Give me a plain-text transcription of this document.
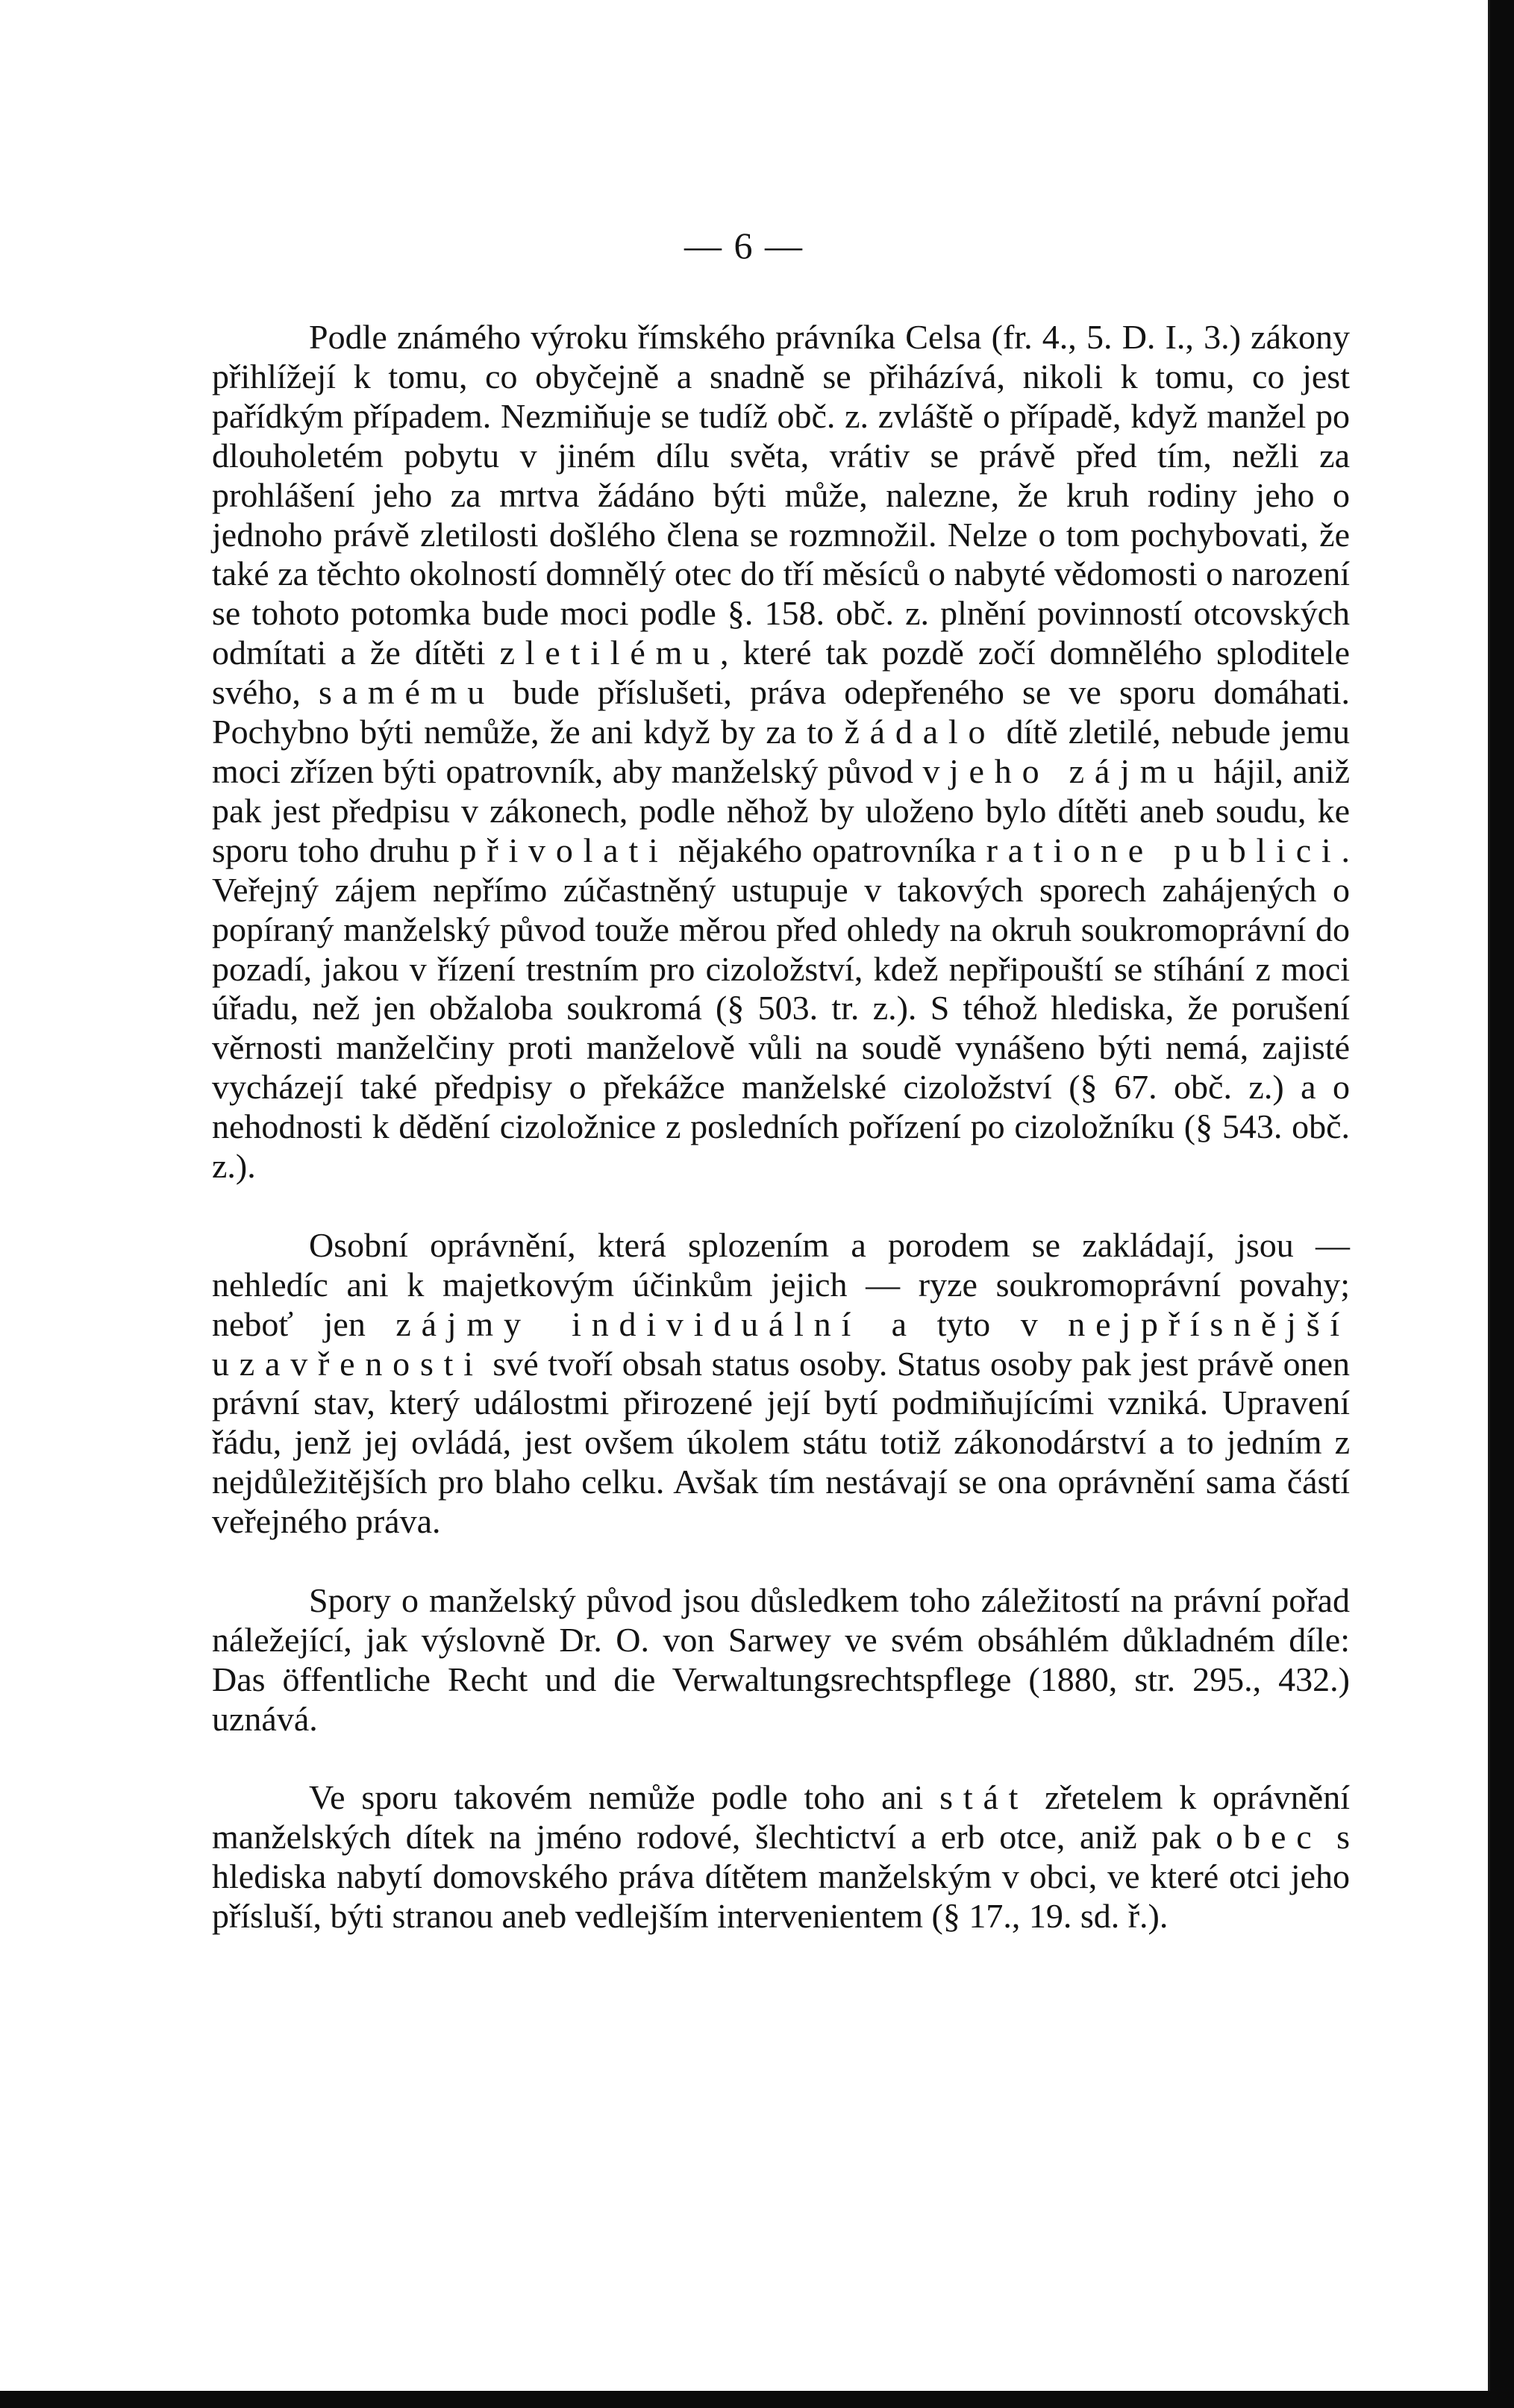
— 6 —

Podle známého výroku římského právníka Celsa (fr. 4., 5. D. I., 3.) zákony přihlížejí k tomu, co obyčejně a snadně se přiházívá, nikoli k tomu, co jest pařídkým případem. Nezmiňuje se tudíž obč. z. zvláště o případě, když manžel po dlouholetém pobytu v jiném dílu světa, vrátiv se právě před tím, nežli za prohlášení jeho za mrtva žádáno býti může, nalezne, že kruh rodiny jeho o jednoho právě zletilosti došlého člena se rozmnožil. Nelze o tom pochybovati, že také za těchto okolností domnělý otec do tří měsíců o nabyté vědomosti o narození se tohoto potomka bude moci podle §. 158. obč. z. plnění povinností otcovských odmítati a že dítěti zletilému, které tak pozdě zočí domnělého sploditele svého, samému bude příslušeti, práva odepřeného se ve sporu domáhati. Pochybno býti nemůže, že ani když by za to žádalo dítě zletilé, nebude jemu moci zřízen býti opatrovník, aby manželský původ v jeho zájmu hájil, aniž pak jest předpisu v zákonech, podle něhož by uloženo bylo dítěti aneb soudu, ke sporu toho druhu přivolati nějakého opatrovníka ratione publici. Veřejný zájem nepřímo zúčastněný ustupuje v takových sporech zahájených o popíraný manželský původ touže měrou před ohledy na okruh soukromoprávní do pozadí, jakou v řízení trestním pro cizoložství, kdež nepřipouští se stíhání z moci úřadu, než jen obžaloba soukromá (§ 503. tr. z.). S téhož hlediska, že porušení věrnosti manželčiny proti manželově vůli na soudě vynášeno býti nemá, zajisté vycházejí také předpisy o překážce manželské cizoložství (§ 67. obč. z.) a o nehodnosti k dědění cizoložnice z posledních pořízení po cizoložníku (§ 543. obč. z.).

Osobní oprávnění, která splozením a porodem se zakládají, jsou — nehledíc ani k majetkovým účinkům jejich — ryze soukromoprávní povahy; neboť jen zájmy individuální a tyto v nejpřísnější uzavřenosti své tvoří obsah status osoby. Status osoby pak jest právě onen právní stav, který událostmi přirozené její bytí podmiňujícími vzniká. Upravení řádu, jenž jej ovládá, jest ovšem úkolem státu totiž zákonodárství a to jedním z nejdůležitějších pro blaho celku. Avšak tím nestávají se ona oprávnění sama částí veřejného práva.

Spory o manželský původ jsou důsledkem toho záležitostí na právní pořad náležející, jak výslovně Dr. O. von Sarwey ve svém obsáhlém důkladném díle: Das öffentliche Recht und die Verwaltungsrechtspflege (1880, str. 295., 432.) uznává.

Ve sporu takovém nemůže podle toho ani stát zřetelem k oprávnění manželských dítek na jméno rodové, šlechtictví a erb otce, aniž pak obec s hlediska nabytí domovského práva dítětem manželským v obci, ve které otci jeho přísluší, býti stranou aneb vedlejším intervenientem (§ 17., 19. sd. ř.).
